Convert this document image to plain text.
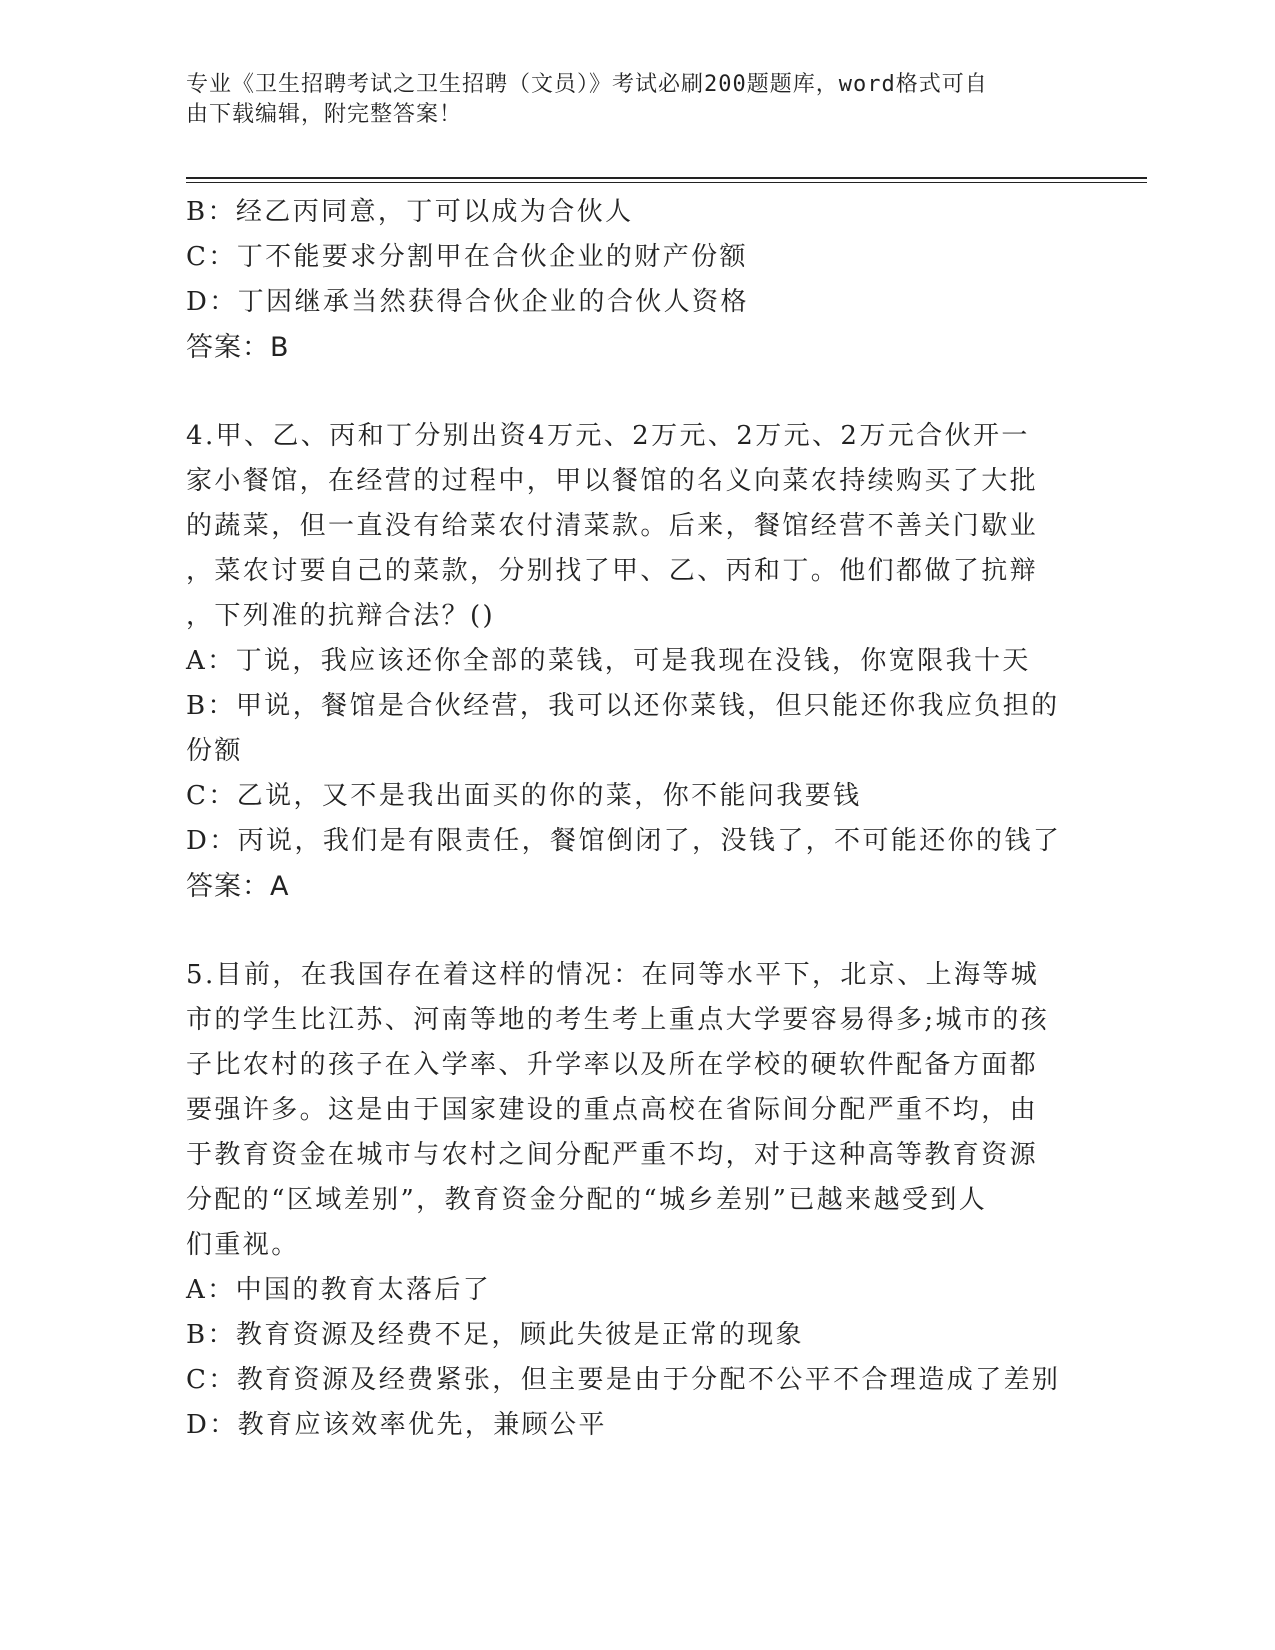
专业《卫生招聘考试之卫生招聘（文员）》考试必刷200题题库，word格式可自
由下载编辑，附完整答案！
B：经乙丙同意，丁可以成为合伙人
C：丁不能要求分割甲在合伙企业的财产份额
D：丁因继承当然获得合伙企业的合伙人资格
答案：B
4.甲、乙、丙和丁分别出资4万元、2万元、2万元、2万元合伙开一
家小餐馆，在经营的过程中，甲以餐馆的名义向菜农持续购买了大批
的蔬菜，但一直没有给菜农付清菜款。后来，餐馆经营不善关门歇业
，菜农讨要自己的菜款，分别找了甲、乙、丙和丁。他们都做了抗辩
，下列准的抗辩合法？()
A：丁说，我应该还你全部的菜钱，可是我现在没钱，你宽限我十天
B：甲说，餐馆是合伙经营，我可以还你菜钱，但只能还你我应负担的
份额
C：乙说，又不是我出面买的你的菜，你不能问我要钱
D：丙说，我们是有限责任，餐馆倒闭了，没钱了，不可能还你的钱了
答案：A
5.目前，在我国存在着这样的情况：在同等水平下，北京、上海等城
市的学生比江苏、河南等地的考生考上重点大学要容易得多;城市的孩
子比农村的孩子在入学率、升学率以及所在学校的硬软件配备方面都
要强许多。这是由于国家建设的重点高校在省际间分配严重不均，由
于教育资金在城市与农村之间分配严重不均，对于这种高等教育资源
分配的“区域差别”，教育资金分配的“城乡差别”已越来越受到人
们重视。
A：中国的教育太落后了
B：教育资源及经费不足，顾此失彼是正常的现象
C：教育资源及经费紧张，但主要是由于分配不公平不合理造成了差别
D：教育应该效率优先，兼顾公平
